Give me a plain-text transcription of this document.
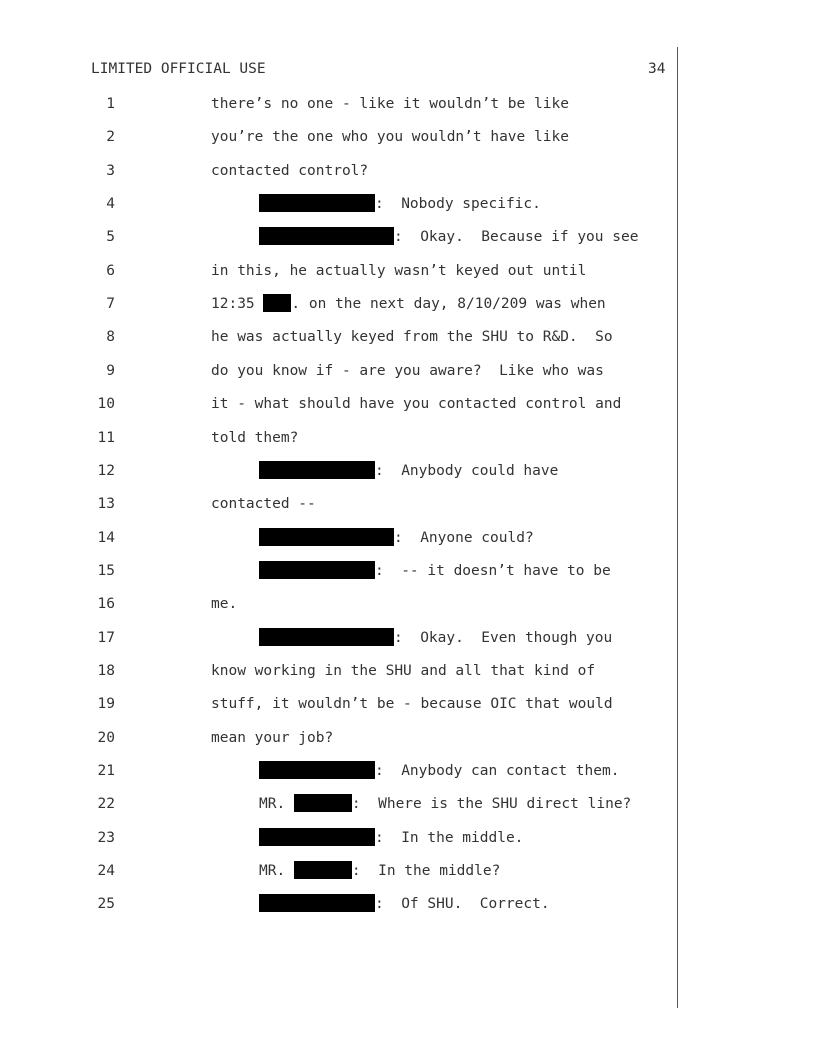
LIMITED OFFICIAL USE	34
1	there’s no one - like it wouldn’t be like
2	you’re the one who you wouldn’t have like
3	contacted control?
4	:  Nobody specific.
5	:  Okay.  Because if you see
6	in this, he actually wasn’t keyed out until
7	12:35 . on the next day, 8/10/209 was when
8	he was actually keyed from the SHU to R&D.  So
9	do you know if - are you aware?  Like who was
10	it - what should have you contacted control and
11	told them?
12	:  Anybody could have
13	contacted --
14	:  Anyone could?
15	:  -- it doesn’t have to be
16	me.
17	:  Okay.  Even though you
18	know working in the SHU and all that kind of
19	stuff, it wouldn’t be - because OIC that would
20	mean your job?
21	:  Anybody can contact them.
22	MR.	:  Where is the SHU direct line?
23	:  In the middle.
24	MR.	:  In the middle?
25	:  Of SHU.  Correct.
